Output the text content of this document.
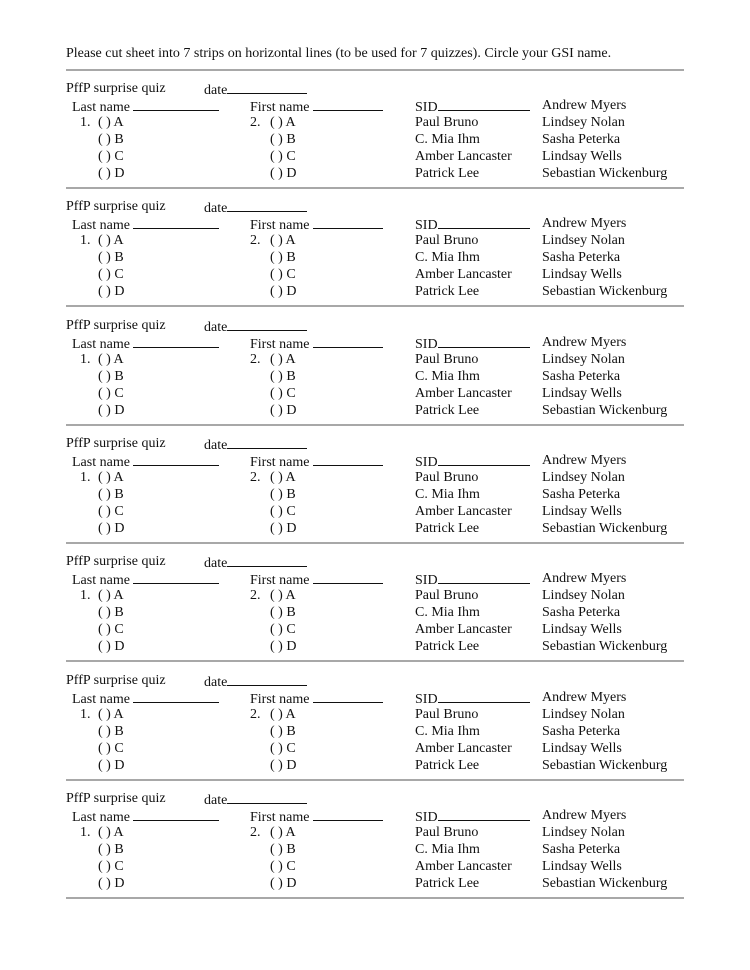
Please cut sheet into 7 strips on horizontal lines (to be used for 7 quizzes). Circle your GSI name.
PffP surprise quiz	date
Last name	First name	SID
1. ( ) A
( ) B
( ) C
( ) D
2. ( ) A
( ) B
( ) C
( ) D
Paul Bruno
C. Mia Ihm
Amber Lancaster
Patrick Lee
Andrew Myers
Lindsey Nolan
Sasha Peterka
Lindsay Wells
Sebastian Wickenburg
PffP surprise quiz	date
Last name	First name	SID
1. ( ) A
( ) B
( ) C
( ) D
2. ( ) A
( ) B
( ) C
( ) D
Paul Bruno
C. Mia Ihm
Amber Lancaster
Patrick Lee
Andrew Myers
Lindsey Nolan
Sasha Peterka
Lindsay Wells
Sebastian Wickenburg
PffP surprise quiz	date
Last name	First name	SID
1. ( ) A
( ) B
( ) C
( ) D
2. ( ) A
( ) B
( ) C
( ) D
Paul Bruno
C. Mia Ihm
Amber Lancaster
Patrick Lee
Andrew Myers
Lindsey Nolan
Sasha Peterka
Lindsay Wells
Sebastian Wickenburg
PffP surprise quiz	date
Last name	First name	SID
1. ( ) A
( ) B
( ) C
( ) D
2. ( ) A
( ) B
( ) C
( ) D
Paul Bruno
C. Mia Ihm
Amber Lancaster
Patrick Lee
Andrew Myers
Lindsey Nolan
Sasha Peterka
Lindsay Wells
Sebastian Wickenburg
PffP surprise quiz	date
Last name	First name	SID
1. ( ) A
( ) B
( ) C
( ) D
2. ( ) A
( ) B
( ) C
( ) D
Paul Bruno
C. Mia Ihm
Amber Lancaster
Patrick Lee
Andrew Myers
Lindsey Nolan
Sasha Peterka
Lindsay Wells
Sebastian Wickenburg
PffP surprise quiz	date
Last name	First name	SID
1. ( ) A
( ) B
( ) C
( ) D
2. ( ) A
( ) B
( ) C
( ) D
Paul Bruno
C. Mia Ihm
Amber Lancaster
Patrick Lee
Andrew Myers
Lindsey Nolan
Sasha Peterka
Lindsay Wells
Sebastian Wickenburg
PffP surprise quiz	date
Last name	First name	SID
1. ( ) A
( ) B
( ) C
( ) D
2. ( ) A
( ) B
( ) C
( ) D
Paul Bruno
C. Mia Ihm
Amber Lancaster
Patrick Lee
Andrew Myers
Lindsey Nolan
Sasha Peterka
Lindsay Wells
Sebastian Wickenburg
